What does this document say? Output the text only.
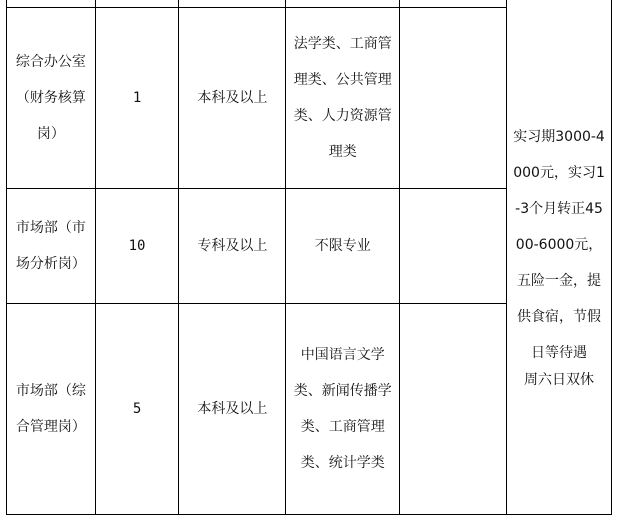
					实习期3000-4000元，实习1-3个月转正4500-6000元，五险一金，提供食宿，节假日等待遇
周六日双休

综合办公室（财务核算岗）	1	本科及以上	法学类、工商管理类、公共管理类、人力资源管理类		

市场部（市场分析岗）	10	专科及以上	不限专业		

市场部（综合管理岗）	5	本科及以上	中国语言文学类、新闻传播学类、工商管理类、统计学类		
